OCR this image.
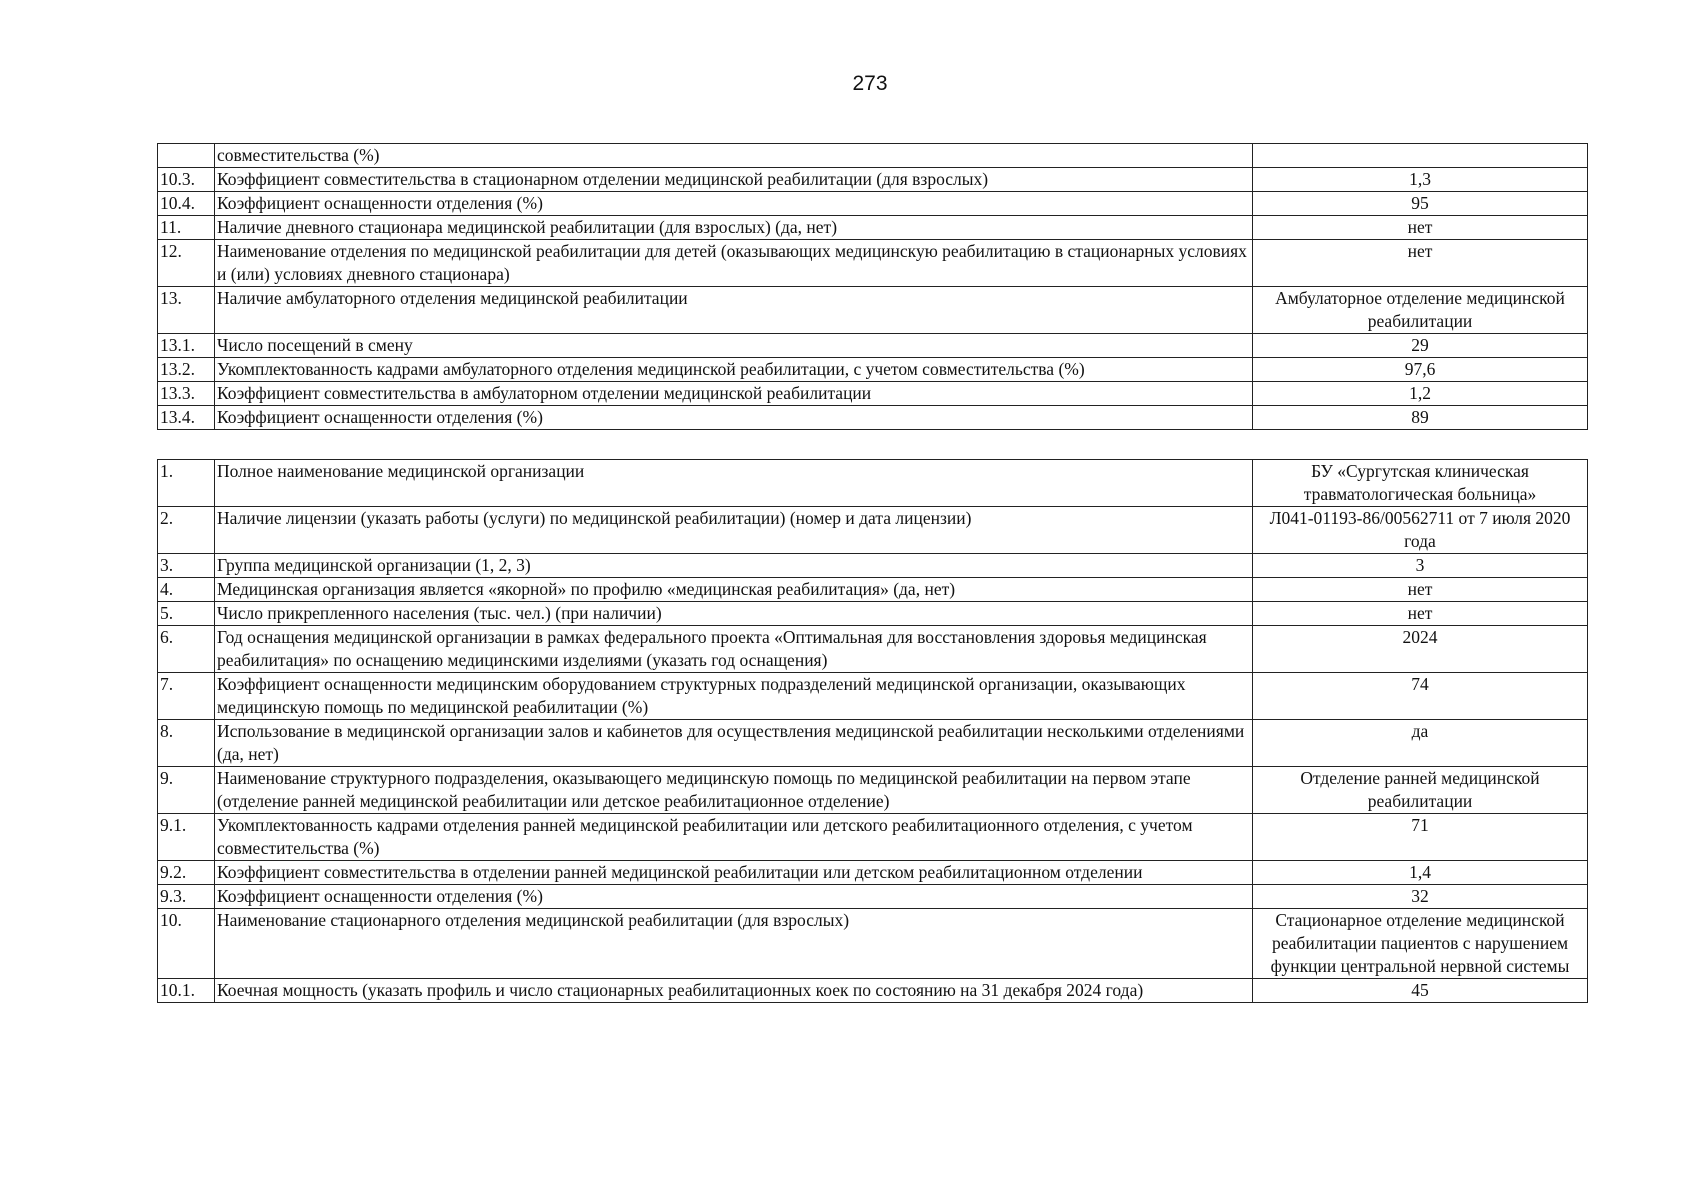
273
	совместительства (%)	
10.3.	Коэффициент совместительства в стационарном отделении медицинской реабилитации (для взрослых)	1,3
10.4.	Коэффициент оснащенности отделения (%)	95
11.	Наличие дневного стационара медицинской реабилитации (для взрослых) (да, нет)	нет
12.	Наименование отделения по медицинской реабилитации для детей (оказывающих медицинскую реабилитацию в стационарных условиях и (или) условиях дневного стационара)	нет
13.	Наличие амбулаторного отделения медицинской реабилитации	Амбулаторное отделение медицинской реабилитации
13.1.	Число посещений в смену	29
13.2.	Укомплектованность кадрами амбулаторного отделения медицинской реабилитации, с учетом совместительства (%)	97,6
13.3.	Коэффициент совместительства в амбулаторном отделении медицинской реабилитации	1,2
13.4.	Коэффициент оснащенности отделения (%)	89
1.	Полное наименование медицинской организации	БУ «Сургутская клиническая травматологическая больница»
2.	Наличие лицензии (указать работы (услуги) по медицинской реабилитации) (номер и дата лицензии)	Л041-01193-86/00562711 от 7 июля 2020 года
3.	Группа медицинской организации (1, 2, 3)	3
4.	Медицинская организация является «якорной» по профилю «медицинская реабилитация» (да, нет)	нет
5.	Число прикрепленного населения (тыс. чел.) (при наличии)	нет
6.	Год оснащения медицинской организации в рамках федерального проекта «Оптимальная для восстановления здоровья медицинская реабилитация» по оснащению медицинскими изделиями (указать год оснащения)	2024
7.	Коэффициент оснащенности медицинским оборудованием структурных подразделений медицинской организации, оказывающих медицинскую помощь по медицинской реабилитации (%)	74
8.	Использование в медицинской организации залов и кабинетов для осуществления медицинской реабилитации несколькими отделениями (да, нет)	да
9.	Наименование структурного подразделения, оказывающего медицинскую помощь по медицинской реабилитации на первом этапе (отделение ранней медицинской реабилитации или детское реабилитационное отделение)	Отделение ранней медицинской реабилитации
9.1.	Укомплектованность кадрами отделения ранней медицинской реабилитации или детского реабилитационного отделения, с учетом совместительства (%)	71
9.2.	Коэффициент совместительства в отделении ранней медицинской реабилитации или детском реабилитационном отделении	1,4
9.3.	Коэффициент оснащенности отделения (%)	32
10.	Наименование стационарного отделения медицинской реабилитации (для взрослых)	Стационарное отделение медицинской реабилитации пациентов с нарушением функции центральной нервной системы
10.1.	Коечная мощность (указать профиль и число стационарных реабилитационных коек по состоянию на 31 декабря 2024 года)	45
